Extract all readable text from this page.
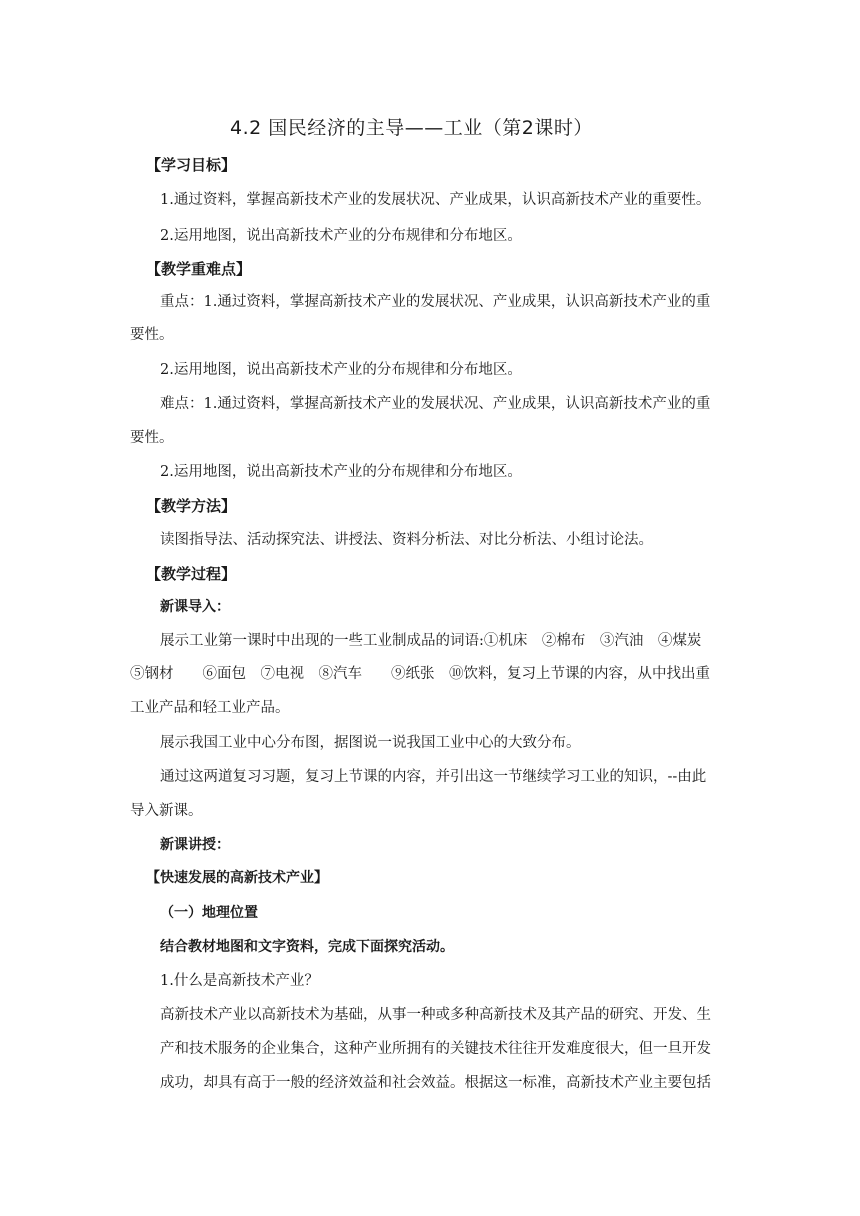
4.2 国民经济的主导——工业（第2课时）
【学习目标】
1.通过资料，掌握高新技术产业的发展状况、产业成果，认识高新技术产业的重要性。
2.运用地图，说出高新技术产业的分布规律和分布地区。
【教学重难点】
重点：1.通过资料，掌握高新技术产业的发展状况、产业成果，认识高新技术产业的重
要性。
2.运用地图，说出高新技术产业的分布规律和分布地区。
难点：1.通过资料，掌握高新技术产业的发展状况、产业成果，认识高新技术产业的重
要性。
2.运用地图，说出高新技术产业的分布规律和分布地区。
【教学方法】
读图指导法、活动探究法、讲授法、资料分析法、对比分析法、小组讨论法。
【教学过程】
新课导入：
展示工业第一课时中出现的一些工业制成品的词语:①机床　②棉布　③汽油　④煤炭
⑤钢材　　⑥面包　⑦电视　⑧汽车　　⑨纸张　⑩饮料，复习上节课的内容，从中找出重
工业产品和轻工业产品。
展示我国工业中心分布图，据图说一说我国工业中心的大致分布。
通过这两道复习习题，复习上节课的内容，并引出这一节继续学习工业的知识，--由此
导入新课。
新课讲授：
【快速发展的高新技术产业】
（一）地理位置
结合教材地图和文字资料，完成下面探究活动。
1.什么是高新技术产业？
高新技术产业以高新技术为基础，从事一种或多种高新技术及其产品的研究、开发、生
产和技术服务的企业集合，这种产业所拥有的关键技术往往开发难度很大，但一旦开发
成功，却具有高于一般的经济效益和社会效益。根据这一标准，高新技术产业主要包括
